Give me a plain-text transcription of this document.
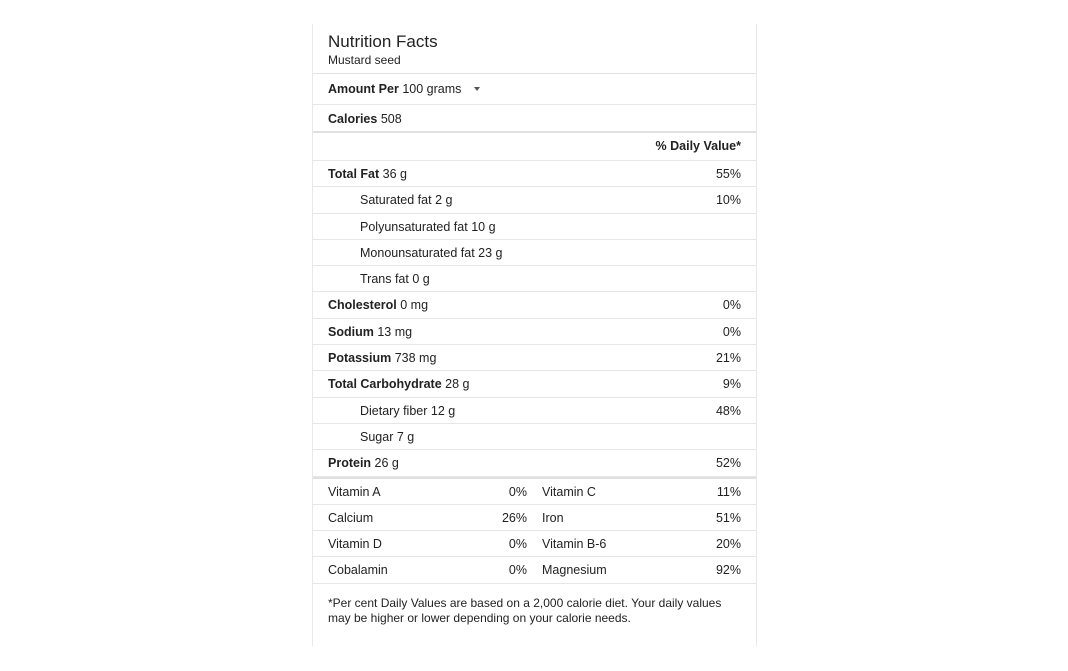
Nutrition Facts
Mustard seed
Amount Per 100 grams
Calories 508
% Daily Value*
Total Fat 36 g	55%
Saturated fat 2 g	10%
Polyunsaturated fat 10 g
Monounsaturated fat 23 g
Trans fat 0 g
Cholesterol 0 mg	0%
Sodium 13 mg	0%
Potassium 738 mg	21%
Total Carbohydrate 28 g	9%
Dietary fiber 12 g	48%
Sugar 7 g
Protein 26 g	52%
Vitamin A	0% Vitamin C	11%
Calcium	26% Iron	51%
Vitamin D	0% Vitamin B-6	20%
Cobalamin	0% Magnesium	92%
*Per cent Daily Values are based on a 2,000 calorie diet. Your daily values may be higher or lower depending on your calorie needs.
